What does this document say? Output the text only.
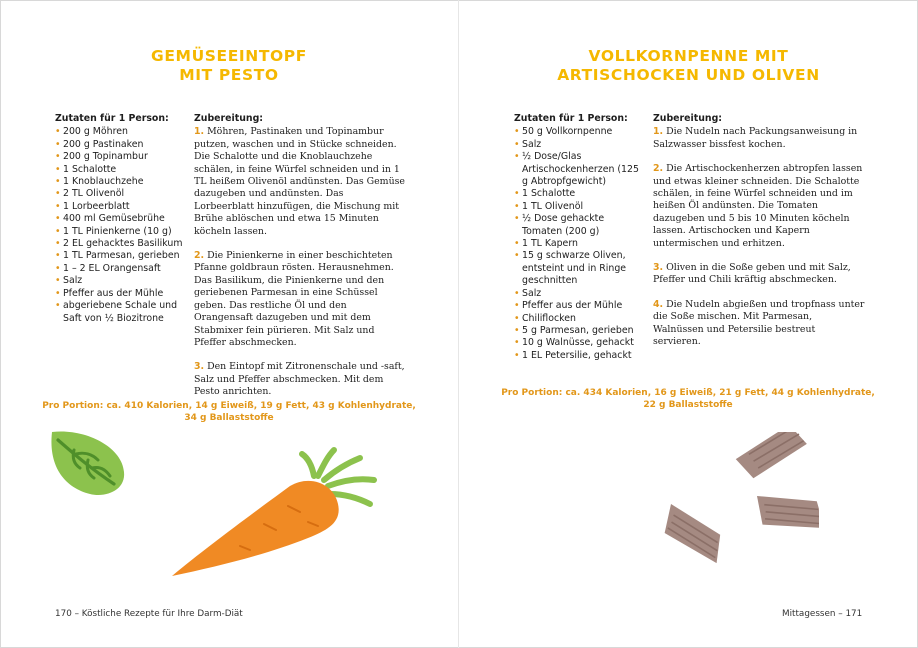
GEMÜSEEINTOPF
MIT PESTO
Zutaten für 1 Person:
• 200 g Möhren
• 200 g Pastinaken
• 200 g Topinambur
• 1 Schalotte
• 1 Knoblauchzehe
• 2 TL Olivenöl
• 1 Lorbeerblatt
• 400 ml Gemüsebrühe
• 1 TL Pinienkerne (10 g)
• 2 EL gehacktes Basilikum
• 1 TL Parmesan, gerieben
• 1 – 2 EL Orangensaft
• Salz
• Pfeffer aus der Mühle
• abgeriebene Schale und Saft von ½ Biozitrone
Zubereitung:
1. Möhren, Pastinaken und Topinambur putzen, waschen und in Stücke schneiden. Die Schalotte und die Knoblauchzehe schälen, in feine Würfel schneiden und in 1 TL heißem Olivenöl andünsten. Das Gemüse dazugeben und andünsten. Das Lorbeerblatt hinzufügen, die Mischung mit Brühe ablöschen und etwa 15 Minuten köcheln lassen.
2. Die Pinienkerne in einer beschichteten Pfanne goldbraun rösten. Herausnehmen. Das Basilikum, die Pinienkerne und den geriebenen Parmesan in eine Schüssel geben. Das restliche Öl und den Orangensaft dazugeben und mit dem Stabmixer fein pürieren. Mit Salz und Pfeffer abschmecken.
3. Den Eintopf mit Zitronenschale und -saft, Salz und Pfeffer abschmecken. Mit dem Pesto anrichten.
Pro Portion: ca. 410 Kalorien, 14 g Eiweiß, 19 g Fett, 43 g Kohlenhydrate,
34 g Ballaststoffe
170 – Köstliche Rezepte für Ihre Darm-Diät
VOLLKORNPENNE MIT
ARTISCHOCKEN UND OLIVEN
Zutaten für 1 Person:
• 50 g Vollkornpenne
• Salz
• ½ Dose/Glas Artischockenherzen (125 g Abtropfgewicht)
• 1 Schalotte
• 1 TL Olivenöl
• ½ Dose gehackte Tomaten (200 g)
• 1 TL Kapern
• 15 g schwarze Oliven, entsteint und in Ringe geschnitten
• Salz
• Pfeffer aus der Mühle
• Chiliflocken
• 5 g Parmesan, gerieben
• 10 g Walnüsse, gehackt
• 1 EL Petersilie, gehackt
Zubereitung:
1. Die Nudeln nach Packungsanweisung in Salzwasser bissfest kochen.
2. Die Artischockenherzen abtropfen lassen und etwas kleiner schneiden. Die Schalotte schälen, in feine Würfel schneiden und im heißen Öl andünsten. Die Tomaten dazugeben und 5 bis 10 Minuten köcheln lassen. Artischocken und Kapern untermischen und erhitzen.
3. Oliven in die Soße geben und mit Salz, Pfeffer und Chili kräftig abschmecken.
4. Die Nudeln abgießen und tropfnass unter die Soße mischen. Mit Parmesan, Walnüssen und Petersilie bestreut servieren.
Pro Portion: ca. 434 Kalorien, 16 g Eiweiß, 21 g Fett, 44 g Kohlenhydrate,
22 g Ballaststoffe
Mittagessen – 171
